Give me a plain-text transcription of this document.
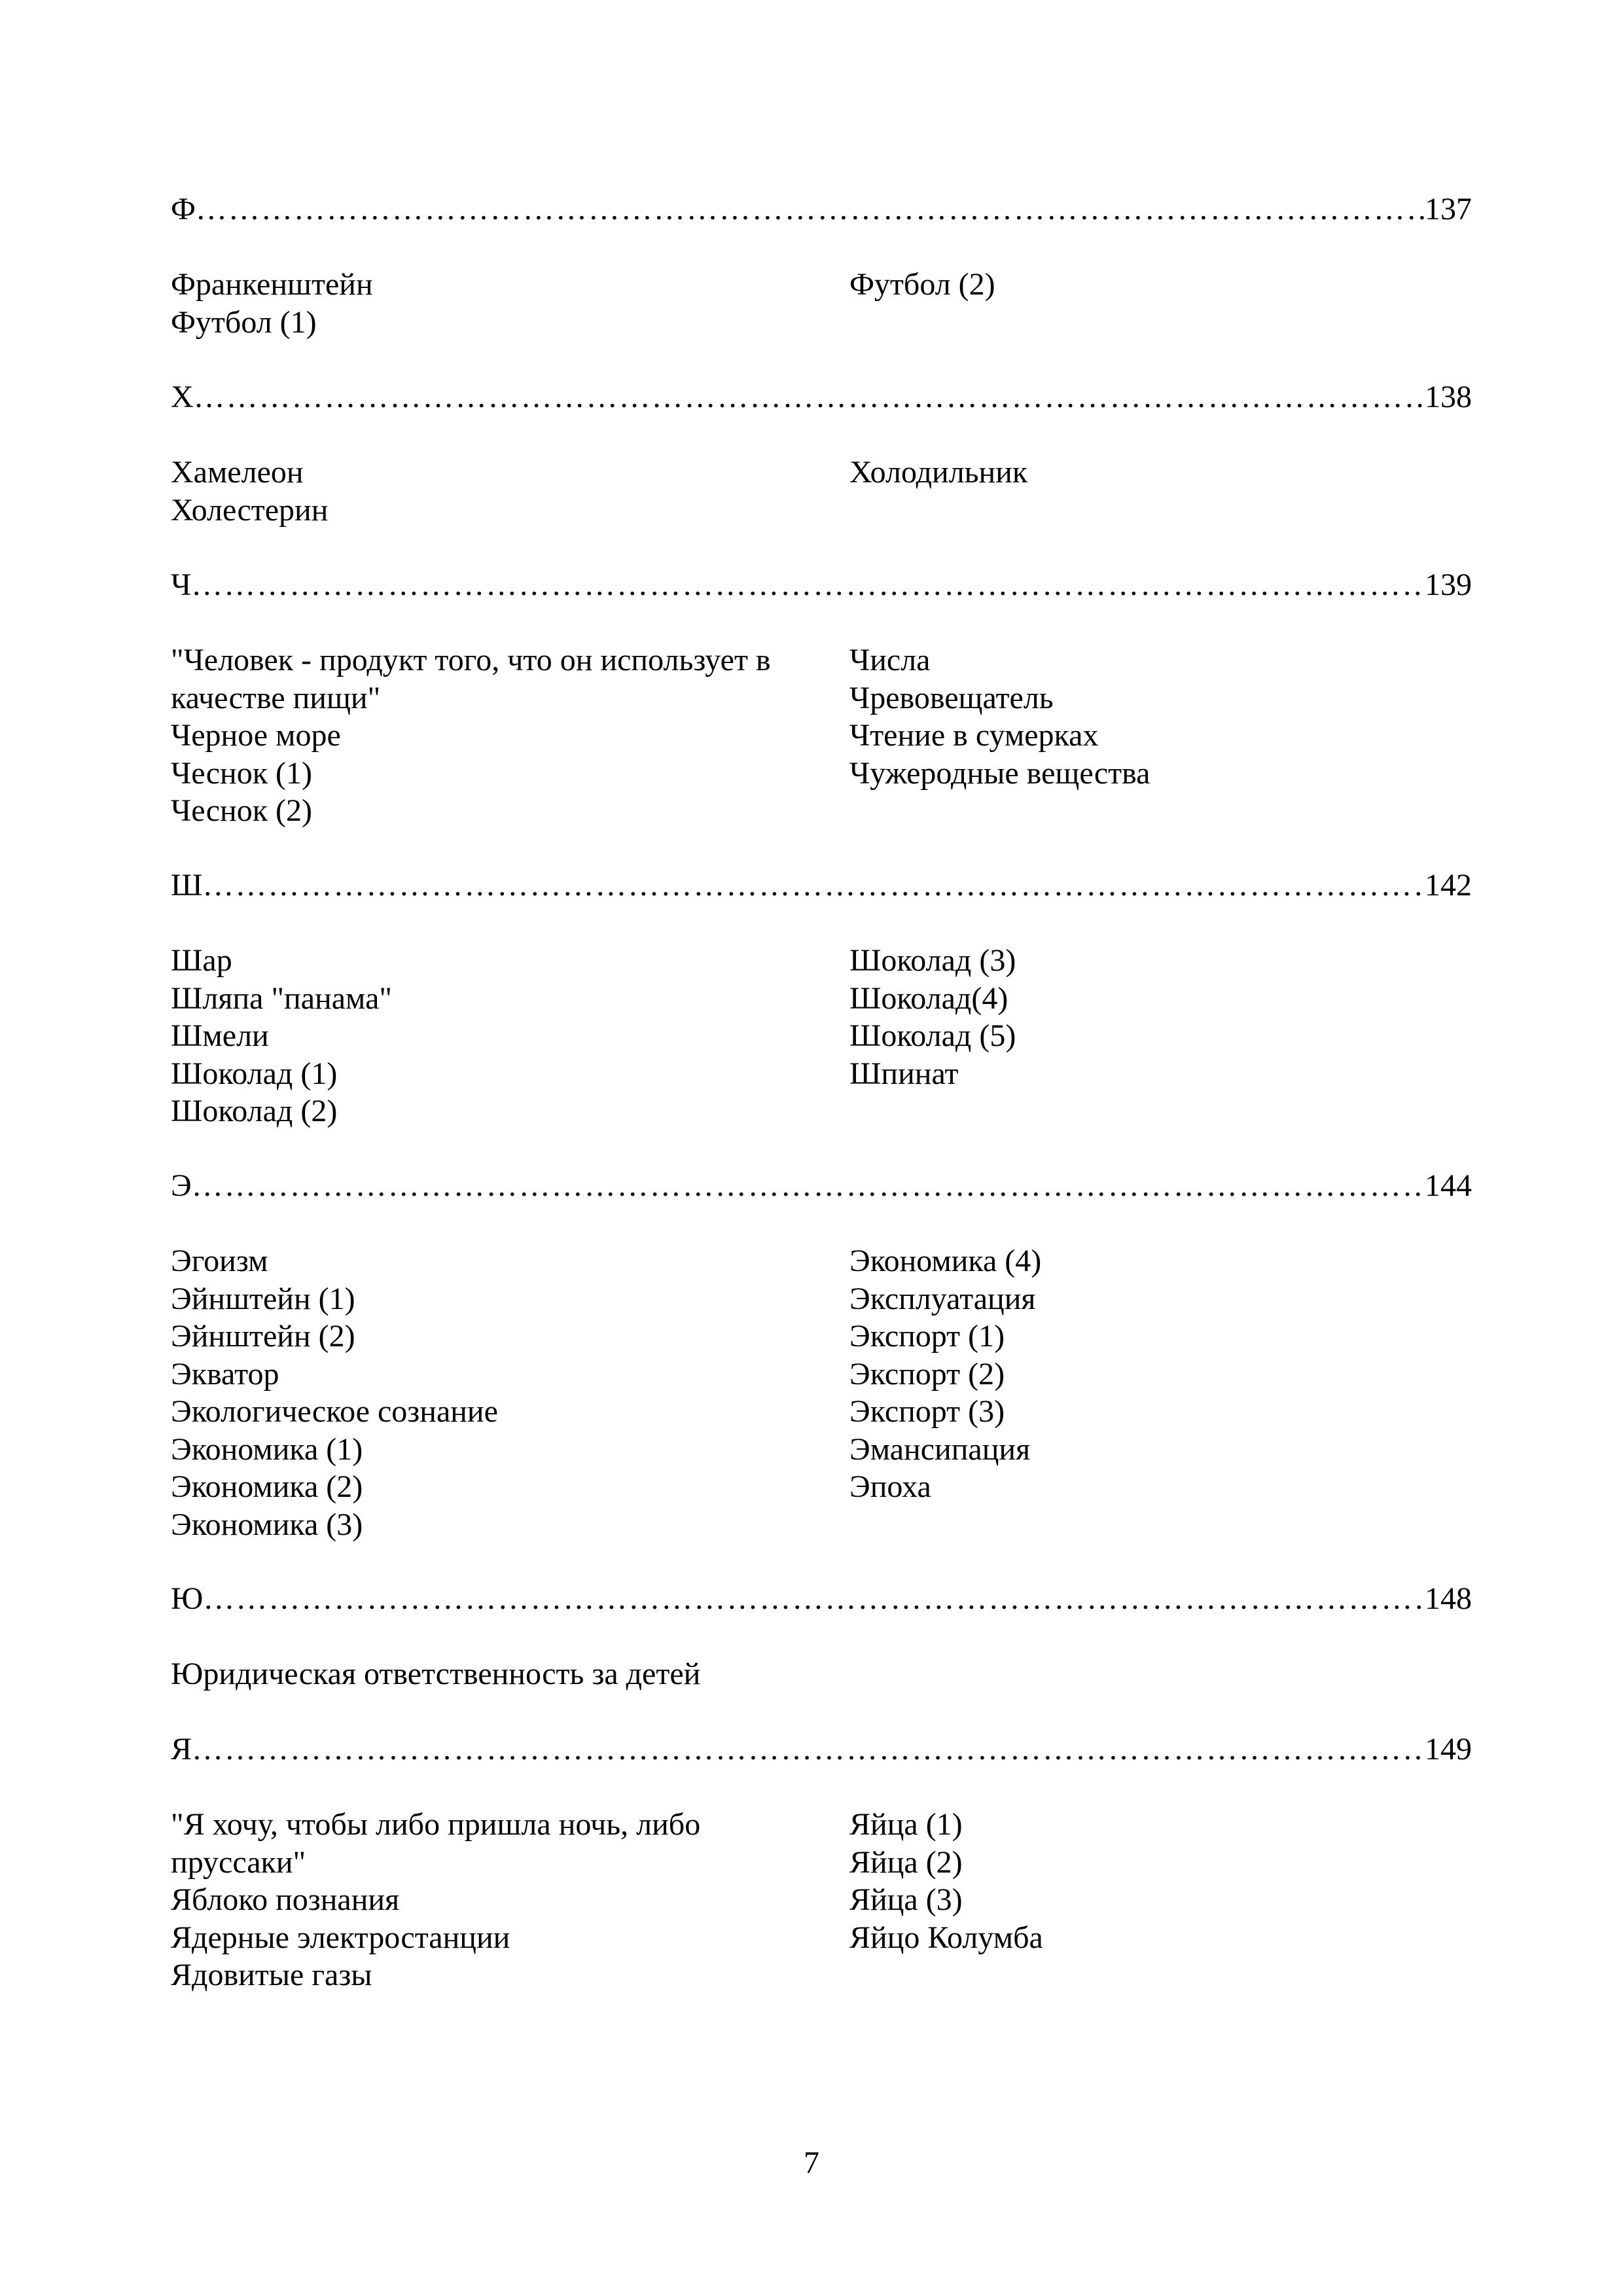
Ф ……………………………………………………………………………………………………………………………………………………………………………………………………………………………………………………	137
Франкенштейн
Футбол (1)
Футбол (2)
Х ……………………………………………………………………………………………………………………………………………………………………………………………………………………………………………………	138
Хамелеон
Холестерин
Холодильник
Ч ……………………………………………………………………………………………………………………………………………………………………………………………………………………………………………………	139
"Человек - продукт того, что он использует в качестве пищи"
Черное море
Чеснок (1)
Чеснок (2)
Числа
Чревовещатель
Чтение в сумерках
Чужеродные вещества
Ш ……………………………………………………………………………………………………………………………………………………………………………………………………………………………………………………	142
Шар
Шляпа "панама"
Шмели
Шоколад (1)
Шоколад (2)
Шоколад (3)
Шоколад(4)
Шоколад (5)
Шпинат
Э ……………………………………………………………………………………………………………………………………………………………………………………………………………………………………………………	144
Эгоизм
Эйнштейн (1)
Эйнштейн (2)
Экватор
Экологическое сознание
Экономика (1)
Экономика (2)
Экономика (3)
Экономика (4)
Эксплуатация
Экспорт (1)
Экспорт (2)
Экспорт (3)
Эмансипация
Эпоха
Ю ……………………………………………………………………………………………………………………………………………………………………………………………………………………………………………………	148
Юридическая ответственность за детей
Я ……………………………………………………………………………………………………………………………………………………………………………………………………………………………………………………	149
"Я хочу, чтобы либо пришла ночь, либо пруссаки"
Яблоко познания
Ядерные электростанции
Ядовитые газы
Яйца (1)
Яйца (2)
Яйца (3)
Яйцо Колумба
7
